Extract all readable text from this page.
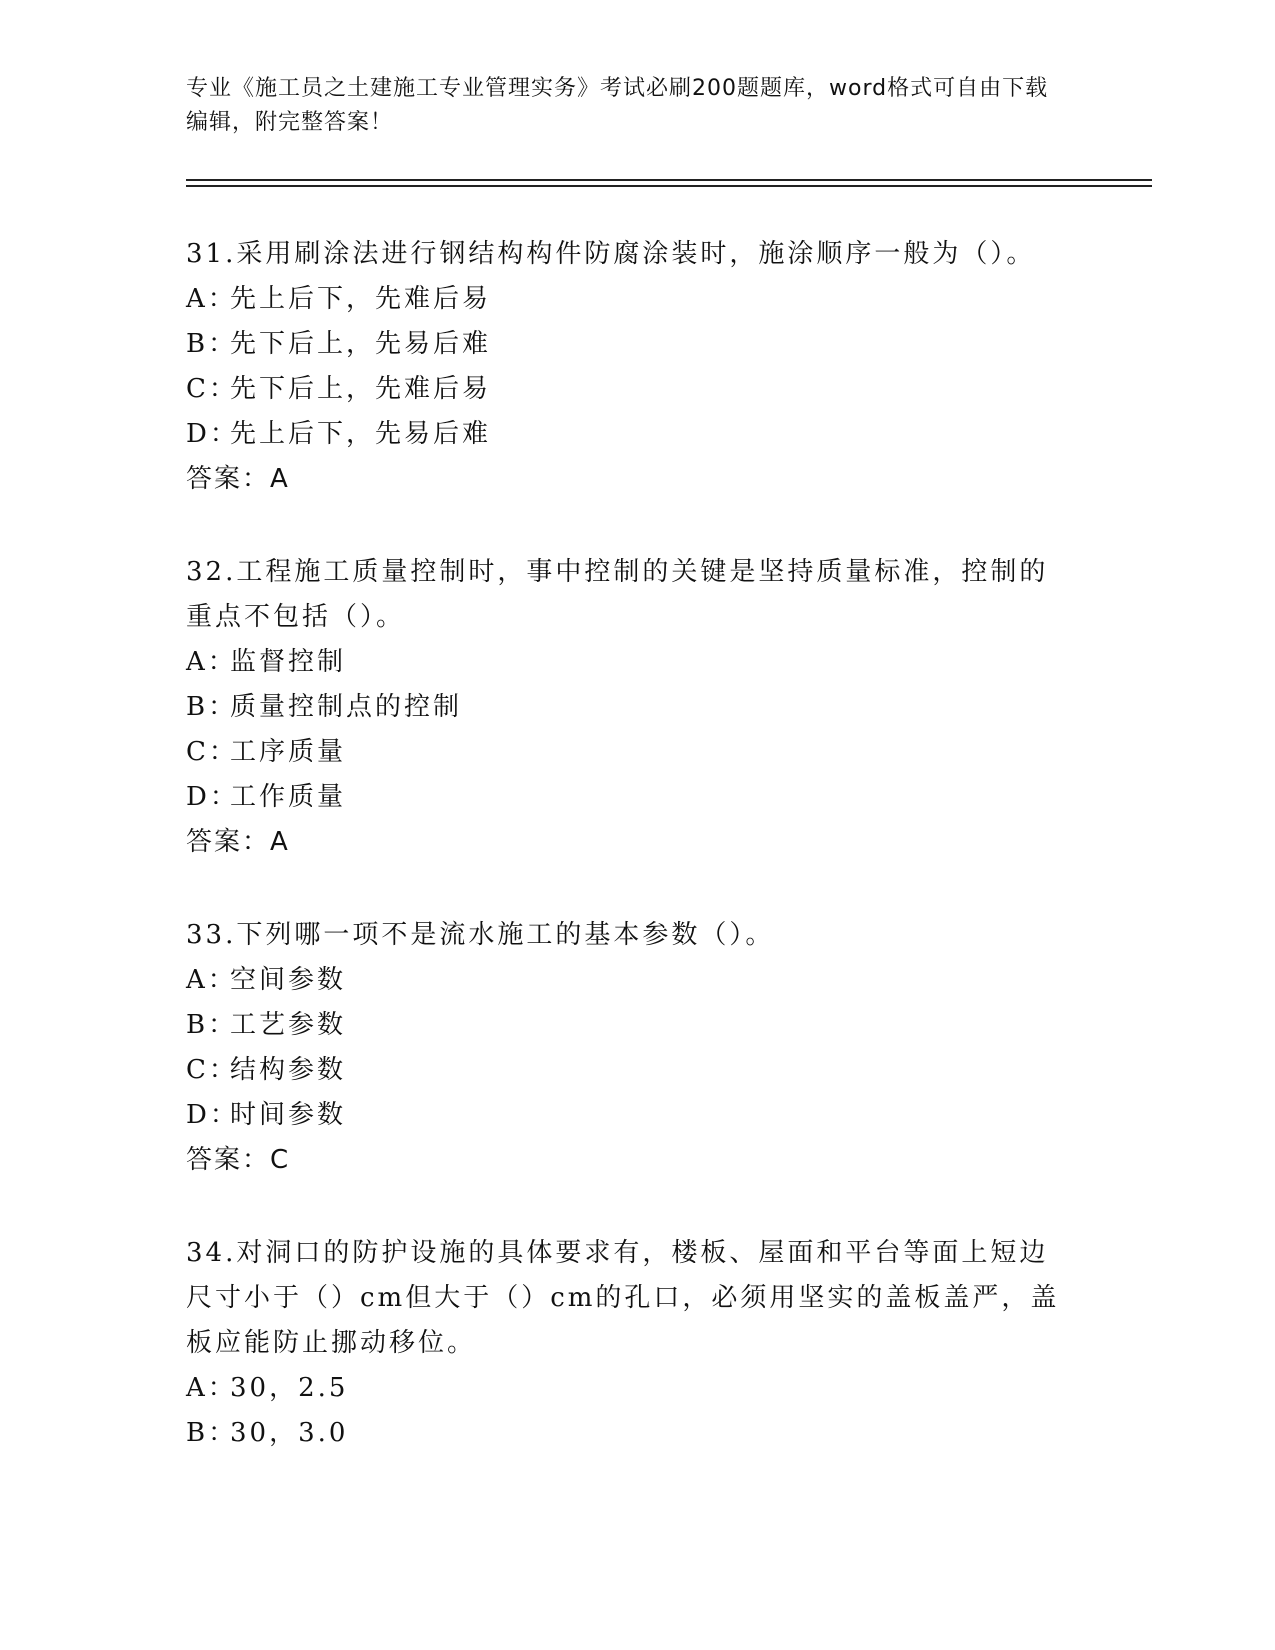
专业《施工员之土建施工专业管理实务》考试必刷200题题库，word格式可自由下载编辑，附完整答案！
31.采用刷涂法进行钢结构构件防腐涂装时，施涂顺序一般为（）。
A：先上后下，先难后易
B：先下后上，先易后难
C：先下后上，先难后易
D：先上后下，先易后难
答案：A
32.工程施工质量控制时，事中控制的关键是坚持质量标准，控制的重点不包括（）。
A：监督控制
B：质量控制点的控制
C：工序质量
D：工作质量
答案：A
33.下列哪一项不是流水施工的基本参数（）。
A：空间参数
B：工艺参数
C：结构参数
D：时间参数
答案：C
34.对洞口的防护设施的具体要求有，楼板、屋面和平台等面上短边尺寸小于（）cm但大于（）cm的孔口，必须用坚实的盖板盖严，盖板应能防止挪动移位。
A：30，2.5
B：30，3.0
